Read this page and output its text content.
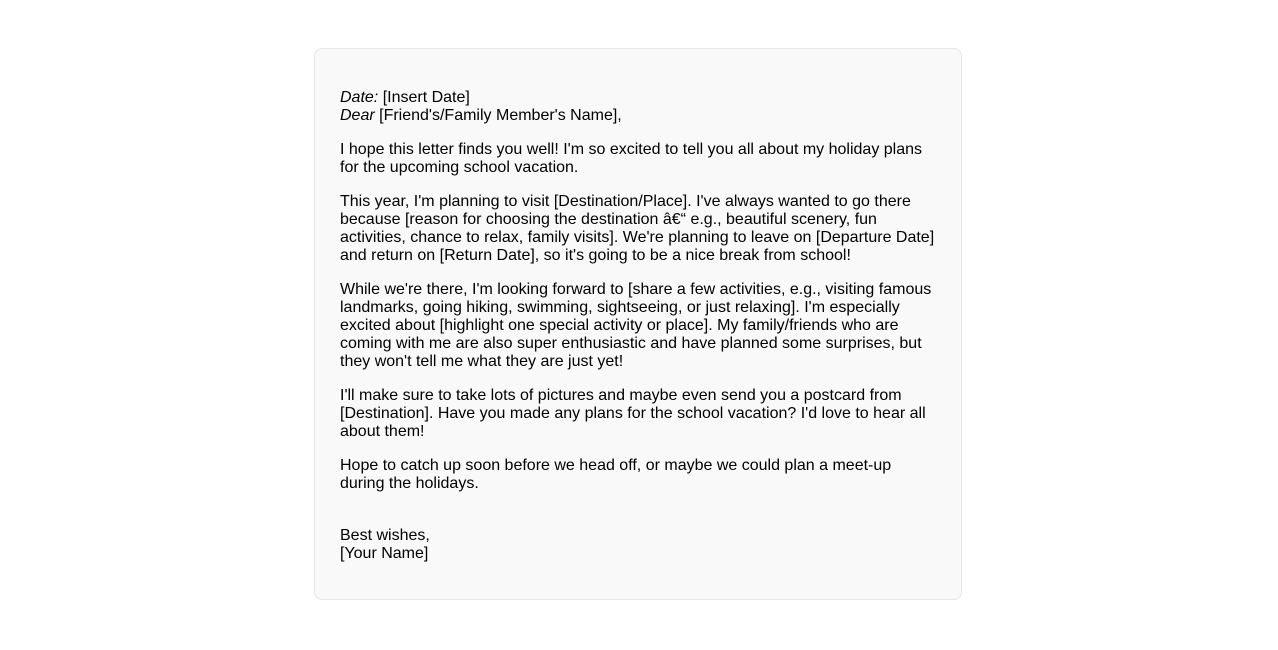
Date: [Insert Date]
Dear [Friend's/Family Member's Name],

I hope this letter finds you well! I'm so excited to tell you all about my holiday plans for the upcoming school vacation.

This year, I'm planning to visit [Destination/Place]. I've always wanted to go there because [reason for choosing the destination â€“ e.g., beautiful scenery, fun activities, chance to relax, family visits]. We're planning to leave on [Departure Date] and return on [Return Date], so it's going to be a nice break from school!

While we're there, I'm looking forward to [share a few activities, e.g., visiting famous landmarks, going hiking, swimming, sightseeing, or just relaxing]. I'm especially excited about [highlight one special activity or place]. My family/friends who are coming with me are also super enthusiastic and have planned some surprises, but they won't tell me what they are just yet!

I'll make sure to take lots of pictures and maybe even send you a postcard from [Destination]. Have you made any plans for the school vacation? I'd love to hear all about them!

Hope to catch up soon before we head off, or maybe we could plan a meet-up during the holidays.

Best wishes,
[Your Name]
